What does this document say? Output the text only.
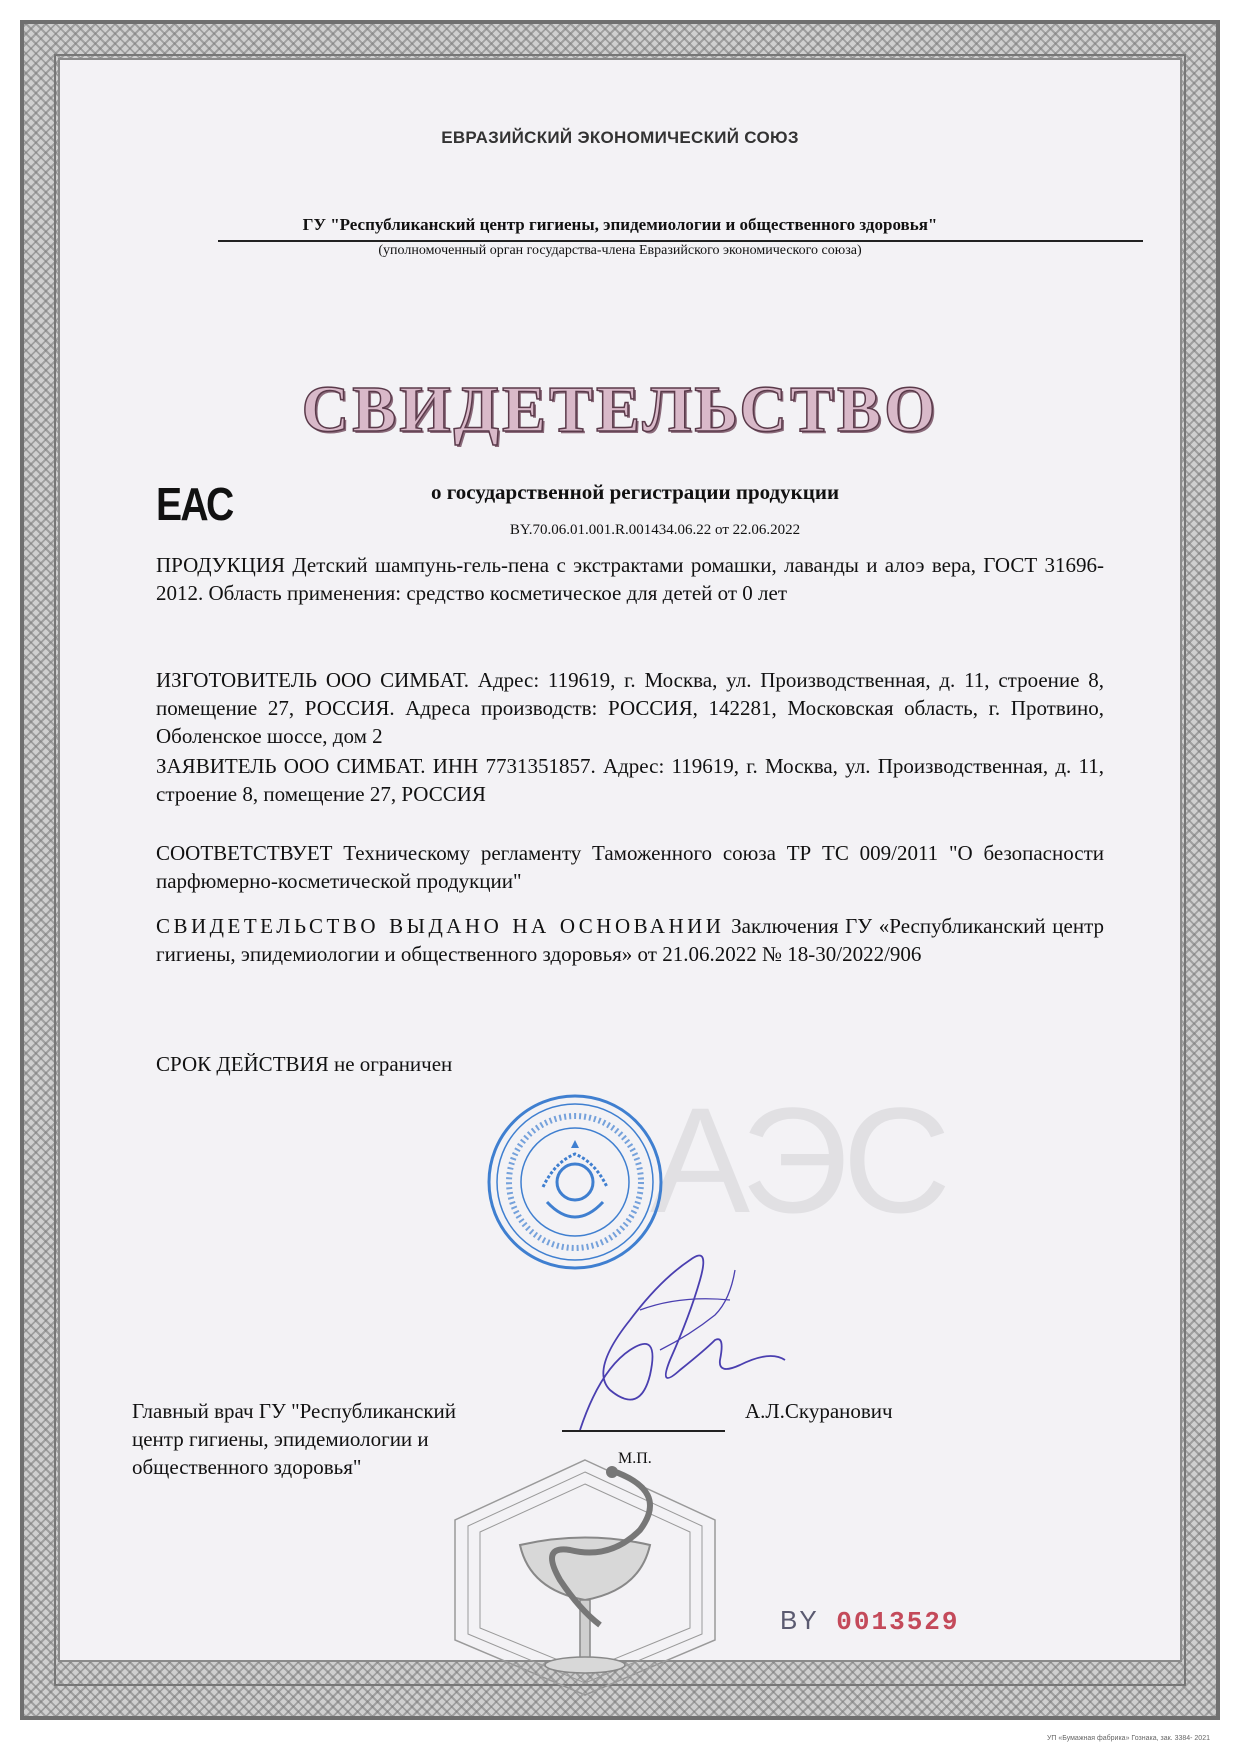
ЕВРАЗИЙСКИЙ ЭКОНОМИЧЕСКИЙ СОЮЗ
ГУ "Республиканский центр гигиены, эпидемиологии и общественного здоровья"
(уполномоченный орган государства-члена Евразийского экономического союза)
АЭС
СВИДЕТЕЛЬСТВО
ЕАС	о государственной регистрации продукции
BY.70.06.01.001.R.001434.06.22 от 22.06.2022
ПРОДУКЦИЯ Детский шампунь-гель-пена с экстрактами ромашки, лаванды и алоэ вера, ГОСТ 31696-2012. Область применения: средство косметическое для детей от 0 лет
ИЗГОТОВИТЕЛЬ ООО СИМБАТ. Адрес: 119619, г. Москва, ул. Производственная, д. 11, строение 8, помещение 27, РОССИЯ. Адреса производств: РОССИЯ, 142281, Московская область, г. Протвино, Оболенское шоссе, дом 2
ЗАЯВИТЕЛЬ ООО СИМБАТ. ИНН 7731351857. Адрес: 119619, г. Москва, ул. Производственная, д. 11, строение 8, помещение 27, РОССИЯ
СООТВЕТСТВУЕТ Техническому регламенту Таможенного союза ТР ТС 009/2011 "О безопасности парфюмерно-косметической продукции"
СВИДЕТЕЛЬСТВО ВЫДАНО НА ОСНОВАНИИ Заключения ГУ «Республиканский центр гигиены, эпидемиологии и общественного здоровья» от 21.06.2022 № 18-30/2022/906
СРОК ДЕЙСТВИЯ не ограничен
Главный врач ГУ "Республиканский
центр гигиены, эпидемиологии и
общественного здоровья"
А.Л.Скуранович
М.П.
BY 0013529
УП «Бумажная фабрика» Гознака, зак. 3384- 2021
